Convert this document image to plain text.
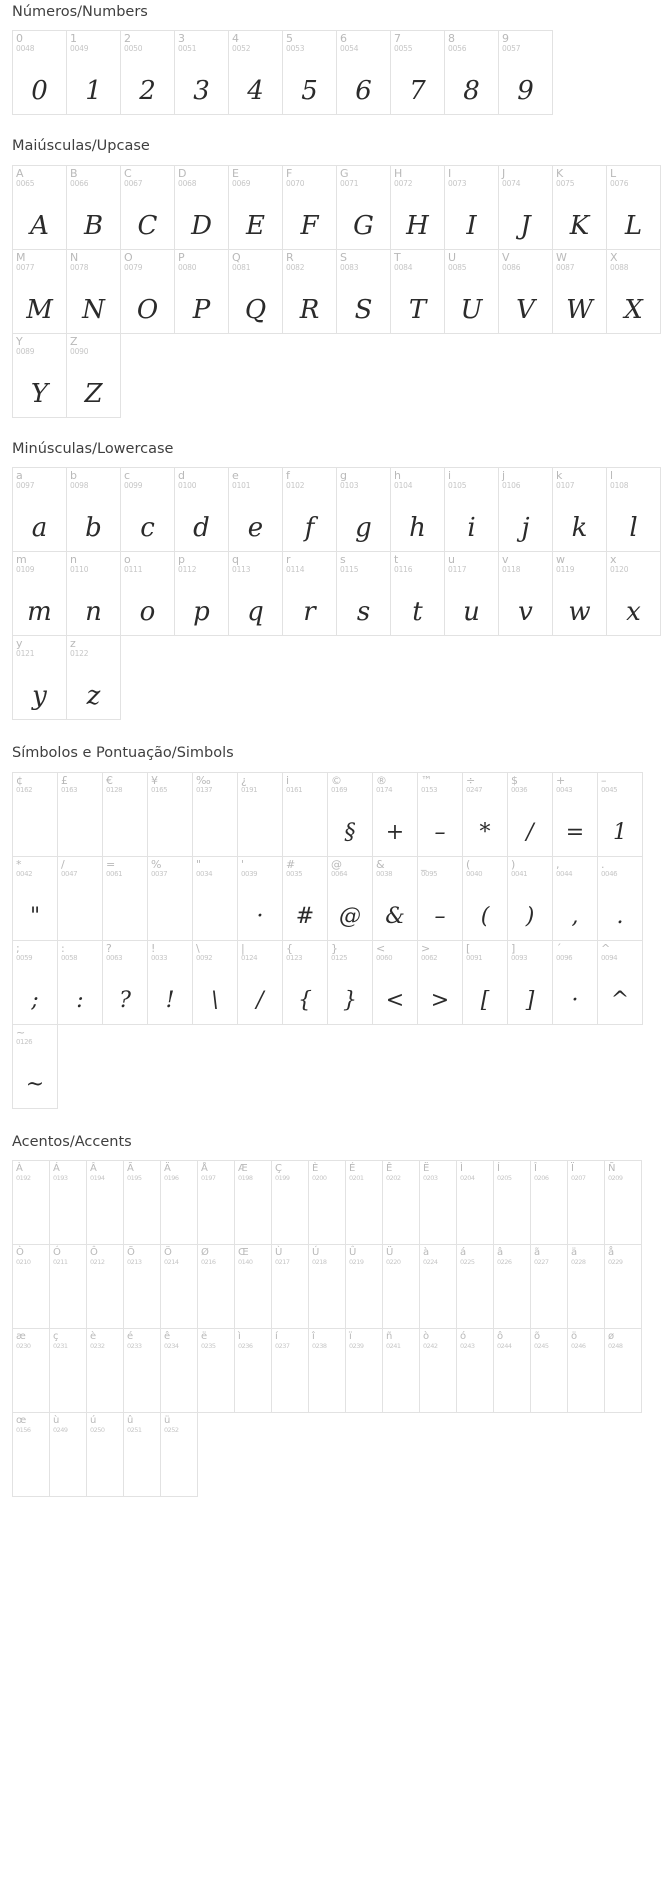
Números/Numbers
0
0048
0
1
0049
1
2
0050
2
3
0051
3
4
0052
4
5
0053
5
6
0054
6
7
0055
7
8
0056
8
9
0057
9
Maiúsculas/Upcase
A
0065
A
B
0066
B
C
0067
C
D
0068
D
E
0069
E
F
0070
F
G
0071
G
H
0072
H
I
0073
I
J
0074
J
K
0075
K
L
0076
L
M
0077
M
N
0078
N
O
0079
O
P
0080
P
Q
0081
Q
R
0082
R
S
0083
S
T
0084
T
U
0085
U
V
0086
V
W
0087
W
X
0088
X
Y
0089
Y
Z
0090
Z
Minúsculas/Lowercase
a
0097
a
b
0098
b
c
0099
c
d
0100
d
e
0101
e
f
0102
f
g
0103
g
h
0104
h
i
0105
i
j
0106
j
k
0107
k
l
0108
l
m
0109
m
n
0110
n
o
0111
o
p
0112
p
q
0113
q
r
0114
r
s
0115
s
t
0116
t
u
0117
u
v
0118
v
w
0119
w
x
0120
x
y
0121
y
z
0122
z
Símbolos e Pontuação/Simbols
¢
0162
£
0163
€
0128
¥
0165
‰
0137
¿
0191
i
0161
©
0169
§
®
0174
+
™
0153
–
÷
0247
*
$
0036
/
+
0043
=
–
0045
1
*
0042
"
/
0047
=
0061
%
0037
"
0034
'
0039
·
#
0035
#
@
0064
@
&
0038
&
_
0095
–
(
0040
(
)
0041
)
,
0044
,
.
0046
.
;
0059
;
:
0058
:
?
0063
?
!
0033
!
\
0092
\
|
0124
/
{
0123
{
}
0125
}
<
0060
<
>
0062
>
[
0091
[
]
0093
]
´
0096
·
^
0094
^
~
0126
~
Acentos/Accents
À
0192
Á
0193
Â
0194
Ã
0195
Ä
0196
Å
0197
Æ
0198
Ç
0199
È
0200
É
0201
Ê
0202
Ë
0203
Ì
0204
Í
0205
Î
0206
Ï
0207
Ñ
0209
Ò
0210
Ó
0211
Ô
0212
Õ
0213
Ö
0214
Ø
0216
Œ
0140
Ù
0217
Ú
0218
Û
0219
Ü
0220
à
0224
á
0225
â
0226
ã
0227
ä
0228
å
0229
æ
0230
ç
0231
è
0232
é
0233
ê
0234
ë
0235
ì
0236
í
0237
î
0238
ï
0239
ñ
0241
ò
0242
ó
0243
ô
0244
õ
0245
ö
0246
ø
0248
œ
0156
ù
0249
ú
0250
û
0251
ü
0252
